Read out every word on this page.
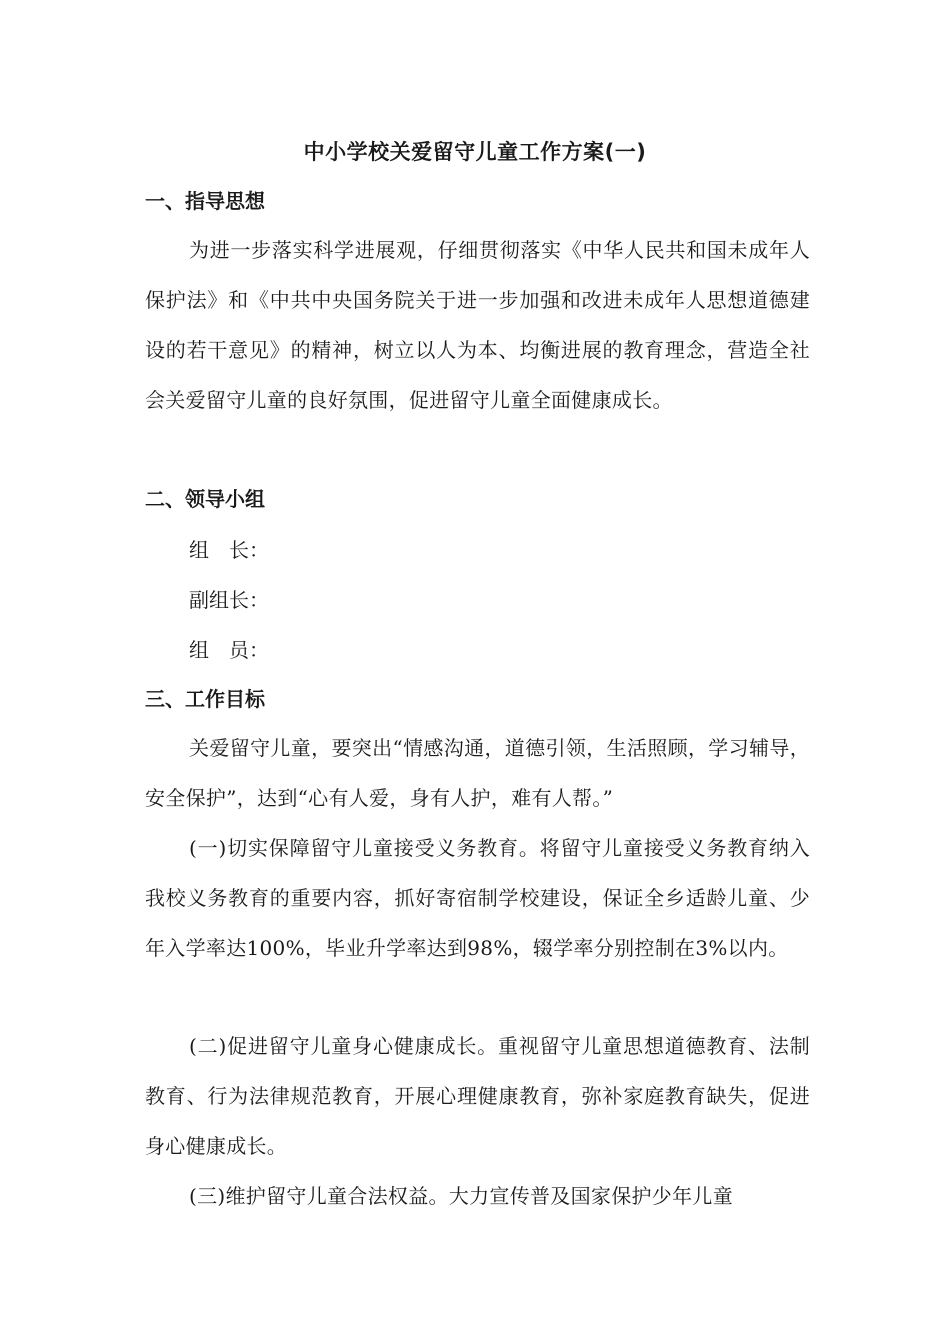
中小学校关爱留守儿童工作方案(一)
一、指导思想
为进一步落实科学进展观，仔细贯彻落实《中华人民共和国未成年人保护法》和《中共中央国务院关于进一步加强和改进未成年人思想道德建设的若干意见》的精神，树立以人为本、均衡进展的教育理念，营造全社会关爱留守儿童的良好氛围，促进留守儿童全面健康成长。
二、领导小组
组　长：
副组长：
组　员：
三、工作目标
关爱留守儿童，要突出“情感沟通，道德引领，生活照顾，学习辅导，安全保护”，达到“心有人爱，身有人护，难有人帮。”
(一)切实保障留守儿童接受义务教育。将留守儿童接受义务教育纳入我校义务教育的重要内容，抓好寄宿制学校建设，保证全乡适龄儿童、少年入学率达100%，毕业升学率达到98%，辍学率分别控制在3%以内。
(二)促进留守儿童身心健康成长。重视留守儿童思想道德教育、法制教育、行为法律规范教育，开展心理健康教育，弥补家庭教育缺失，促进身心健康成长。
(三)维护留守儿童合法权益。大力宣传普及国家保护少年儿童
